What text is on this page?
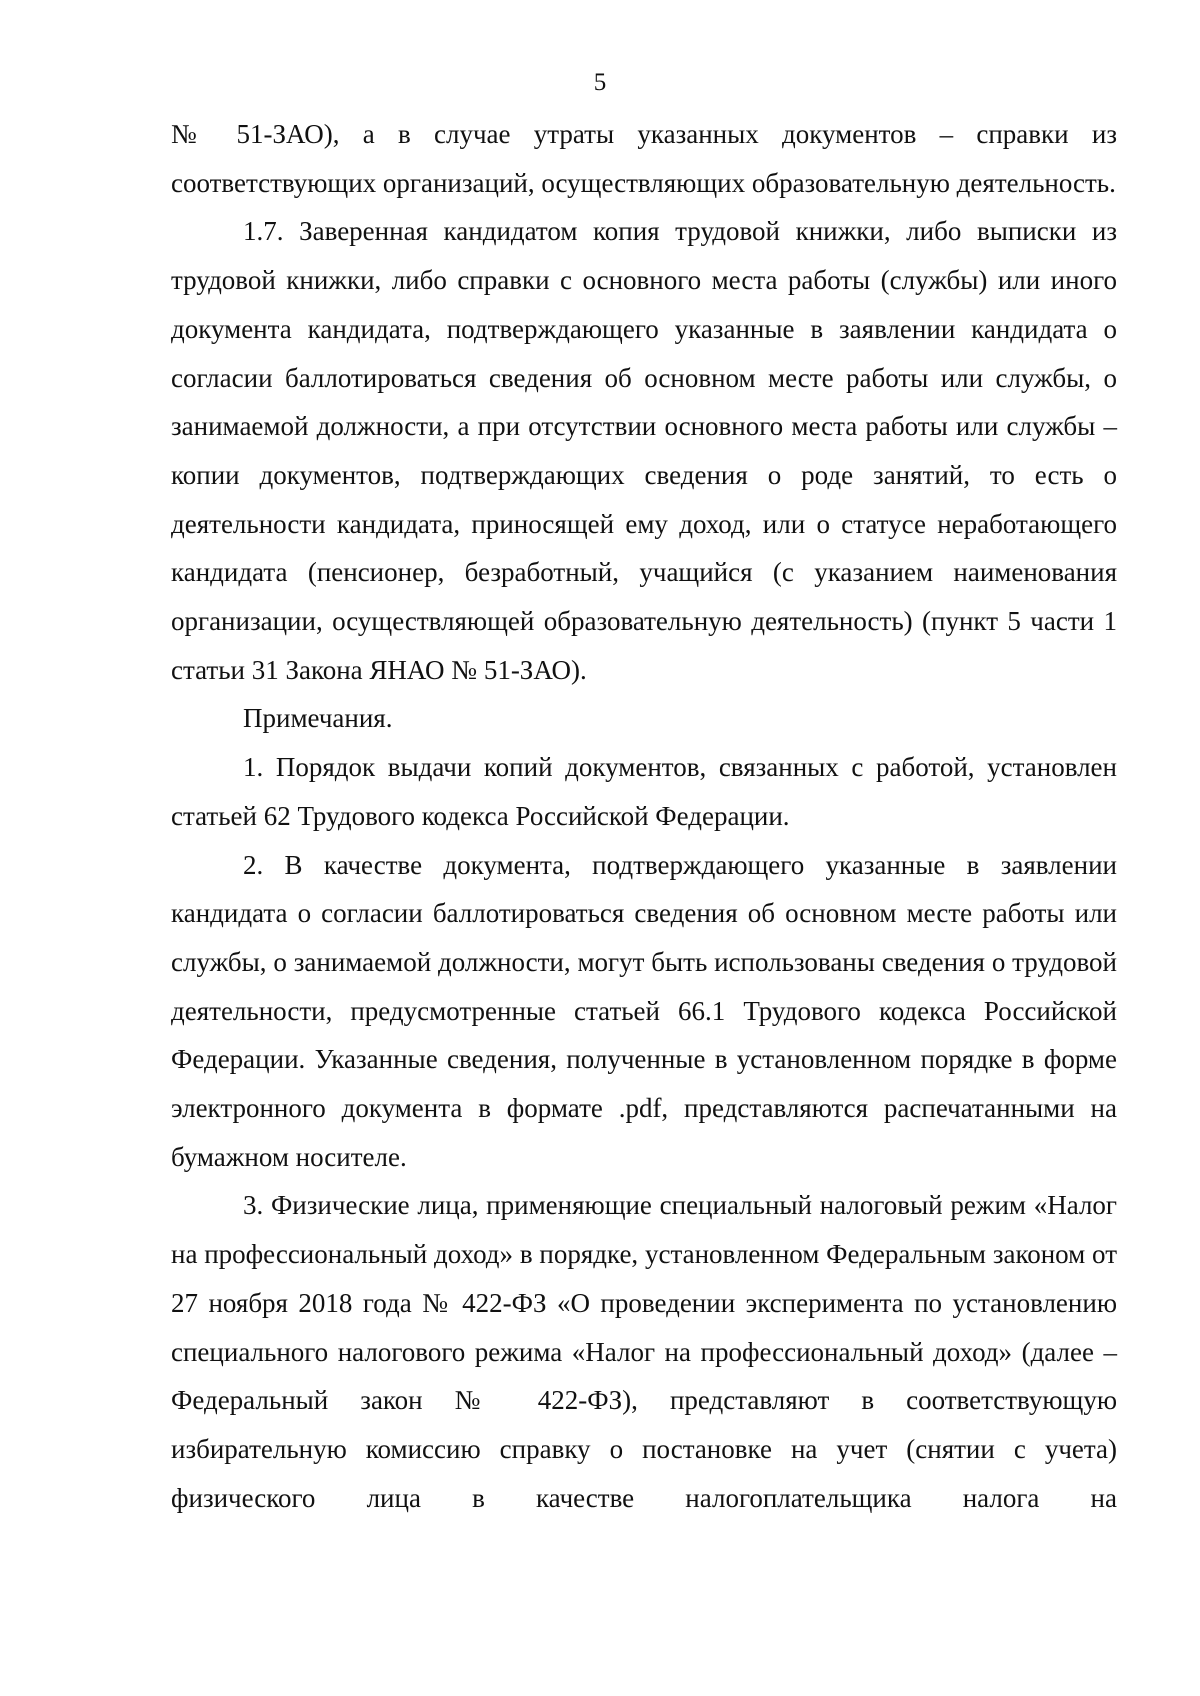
5

№ 51-ЗАО), а в случае утраты указанных документов – справки из соответствующих организаций, осуществляющих образовательную деятельность.

1.7. Заверенная кандидатом копия трудовой книжки, либо выписки из трудовой книжки, либо справки с основного места работы (службы) или иного документа кандидата, подтверждающего указанные в заявлении кандидата о согласии баллотироваться сведения об основном месте работы или службы, о занимаемой должности, а при отсутствии основного места работы или службы – копии документов, подтверждающих сведения о роде занятий, то есть о деятельности кандидата, приносящей ему доход, или о статусе неработающего кандидата (пенсионер, безработный, учащийся (с указанием наименования организации, осуществляющей образовательную деятельность) (пункт 5 части 1 статьи 31 Закона ЯНАО № 51-ЗАО).

Примечания.

1. Порядок выдачи копий документов, связанных с работой, установлен статьей 62 Трудового кодекса Российской Федерации.

2. В качестве документа, подтверждающего указанные в заявлении кандидата о согласии баллотироваться сведения об основном месте работы или службы, о занимаемой должности, могут быть использованы сведения о трудовой деятельности, предусмотренные статьей 66.1 Трудового кодекса Российской Федерации. Указанные сведения, полученные в установленном порядке в форме электронного документа в формате .pdf, представляются распечатанными на бумажном носителе.

3. Физические лица, применяющие специальный налоговый режим «Налог на профессиональный доход» в порядке, установленном Федеральным законом от 27 ноября 2018 года № 422-ФЗ «О проведении эксперимента по установлению специального налогового режима «Налог на профессиональный доход» (далее – Федеральный закон № 422-ФЗ), представляют в соответствующую избирательную комиссию справку о постановке на учет (снятии с учета) физического лица в качестве налогоплательщика налога на
